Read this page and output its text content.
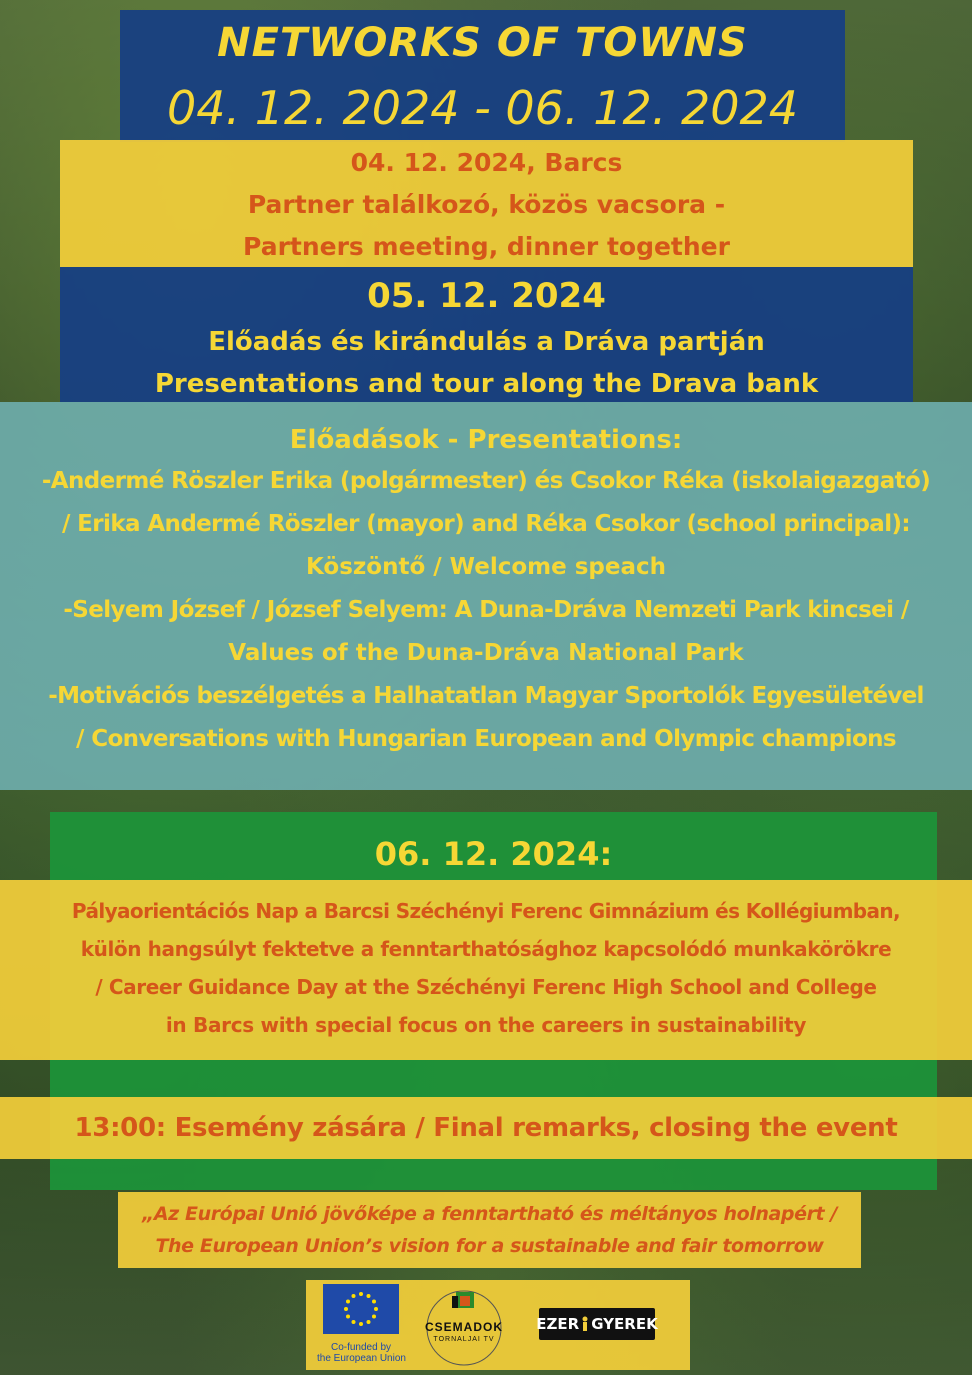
NETWORKS OF TOWNS
04. 12. 2024 - 06. 12. 2024
04. 12. 2024, Barcs
Partner találkozó, közös vacsora -
Partners meeting, dinner together
05. 12. 2024
Előadás és kirándulás a Dráva partján
Presentations and tour along the Drava bank
Előadások - Presentations:
-Andermé Röszler Erika (polgármester) és Csokor Réka (iskolaigazgató)
/ Erika Andermé Röszler (mayor) and Réka Csokor (school principal):
Köszöntő / Welcome speach
-Selyem József / József Selyem: A Duna-Dráva Nemzeti Park kincsei /
Values of the Duna-Dráva National Park
-Motivációs beszélgetés a Halhatatlan Magyar Sportolók Egyesületével
/ Conversations with Hungarian European and Olympic champions
06. 12. 2024:
Pályaorientációs Nap a Barcsi Széchényi Ferenc Gimnázium és Kollégiumban,
külön hangsúlyt fektetve a fenntarthatósághoz kapcsolódó munkakörökre
/ Career Guidance Day at the Széchényi Ferenc High School and College
in Barcs with special focus on the careers in sustainability
13:00: Esemény zására / Final remarks, closing the event
„Az Európai Unió jövőképe a fenntartható és méltányos holnapért /
The European Union’s vision for a sustainable and fair tomorrow
Co-funded by
the European Union
CSEMADOK
TORNALJAI TV
EZER GYEREK
